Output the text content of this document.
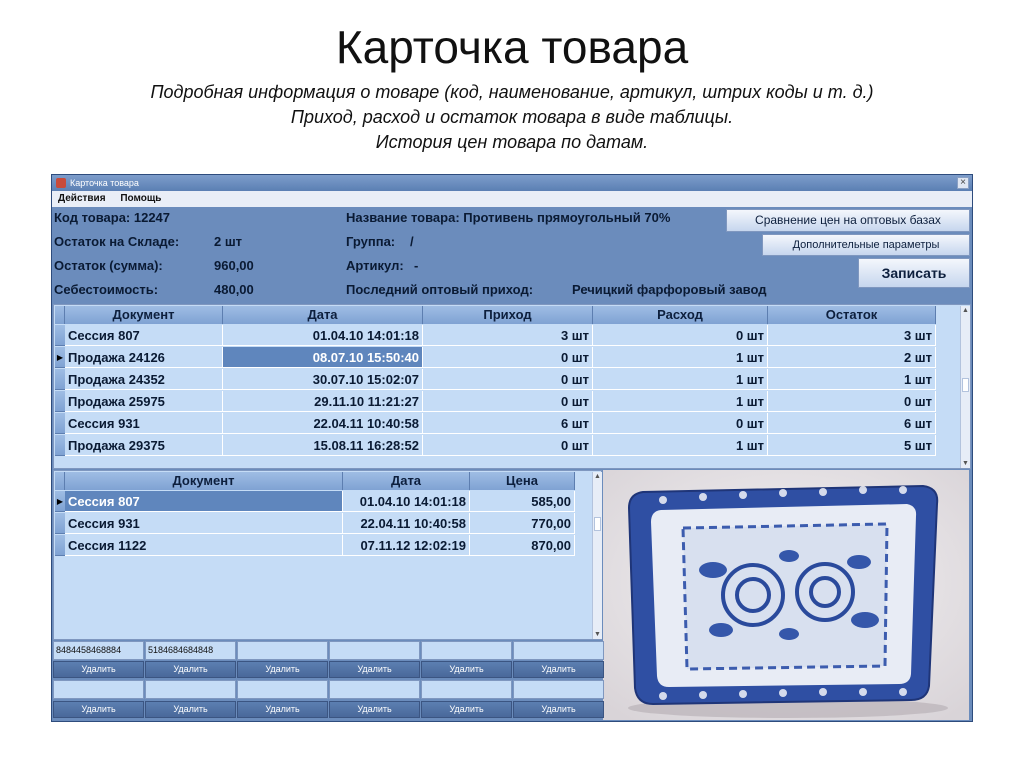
Карточка товара
Подробная информация о товаре (код, наименование, артикул, штрих коды и т. д.)
Приход, расход и остаток товара в виде таблицы.
История цен товара по датам.
Карточка товара	×
Действия Помощь
Код товара: 12247
Остаток на Складе:	2 шт
Остаток (сумма):	960,00
Себестоимость:	480,00
Название товара: Противень прямоугольный 70%
Группа: /
Артикул: -
Последний оптовый приход:	Речицкий фарфоровый завод
Сравнение цен на оптовых базах
Дополнительные параметры
Записать
Документ	Дата	Приход	Расход	Остаток
Сессия 807	01.04.10 14:01:18	3 шт	0 шт	3 шт
▶ Продажа 24126	08.07.10 15:50:40	0 шт	1 шт	2 шт
Продажа 24352	30.07.10 15:02:07	0 шт	1 шт	1 шт
Продажа 25975	29.11.10 11:21:27	0 шт	1 шт	0 шт
Сессия 931	22.04.11 10:40:58	6 шт	0 шт	6 шт
Продажа 29375	15.08.11 16:28:52	0 шт	1 шт	5 шт
▲
▼
Документ	Дата	Цена
▶ Сессия 807	01.04.10 14:01:18	585,00
Сессия 931	22.04.11 10:40:58	770,00
Сессия 1122	07.11.12 12:02:19	870,00
▲
▼
8484458468884	5184684684848
Удалить	Удалить	Удалить	Удалить	Удалить	Удалить
Удалить	Удалить	Удалить	Удалить	Удалить	Удалить
